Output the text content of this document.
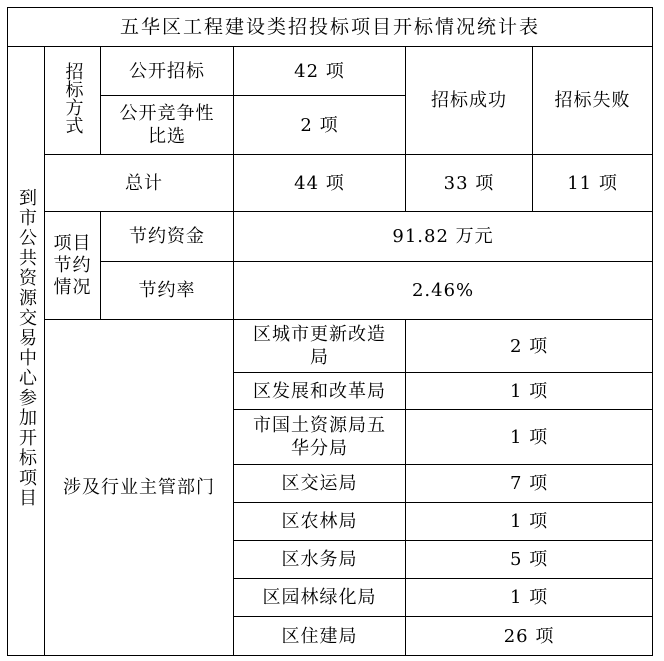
五华区工程建设类招投标项目开标情况统计表					
到市公共资源交易中心参加开标项目	招标方式	公开招标	42 项	招标成功	招标失败
		公开竞争性比选	2 项		
	总计		44 项	33 项	11 项
	项目节约情况	节约资金	91.82 万元		
		节约率	2.46%		
	涉及行业主管部门		区城市更新改造局	2 项	
			区发展和改革局	1 项	
			市国土资源局五华分局	1 项	
			区交运局	7 项	
			区农林局	1 项	
			区水务局	5 项	
			区园林绿化局	1 项	
			区住建局	26 项	
